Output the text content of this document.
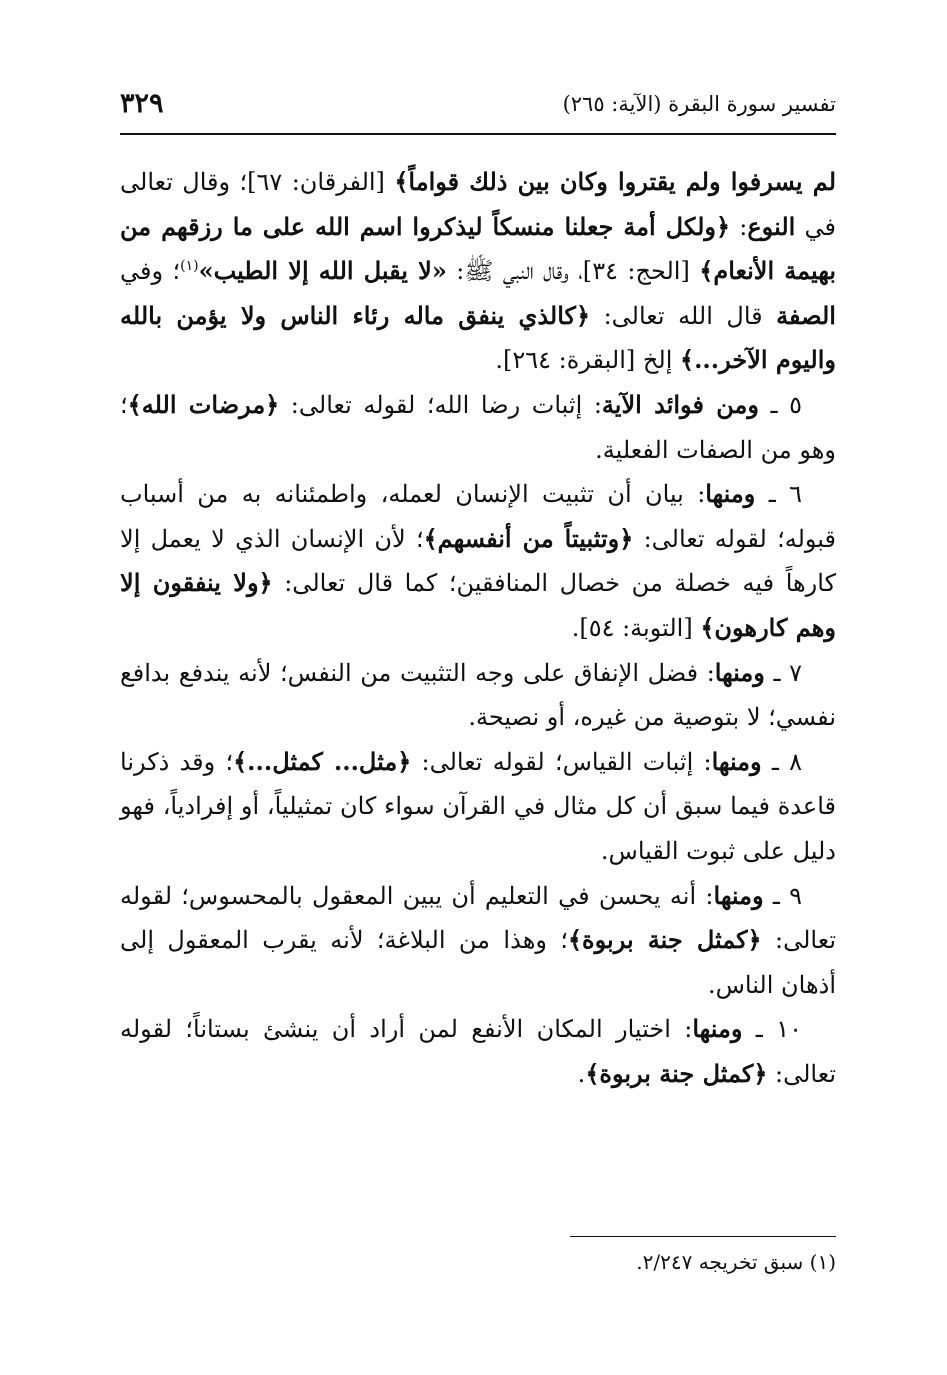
تفسير سورة البقرة (الآية: ٢٦٥)
٣٢٩

لم يسرفوا ولم يقتروا وكان بين ذلك قواماً﴾ [الفرقان: ٦٧]؛ وقال تعالى في النوع: ﴿ولكل أمة جعلنا منسكاً ليذكروا اسم الله على ما رزقهم من بهيمة الأنعام﴾ [الحج: ٣٤]، وقال النبي ﷺ: «لا يقبل الله إلا الطيب»$^{(١)}$؛ وفي الصفة قال الله تعالى: ﴿كالذي ينفق ماله رئاء الناس ولا يؤمن بالله واليوم الآخر...﴾ إلخ [البقرة: ٢٦٤].

٥ ـ ومن فوائد الآية: إثبات رضا الله؛ لقوله تعالى: ﴿مرضات الله﴾؛ وهو من الصفات الفعلية.

٦ ـ ومنها: بيان أن تثبيت الإنسان لعمله، واطمئنانه به من أسباب قبوله؛ لقوله تعالى: ﴿وتثبيتاً من أنفسهم﴾؛ لأن الإنسان الذي لا يعمل إلا كارهاً فيه خصلة من خصال المنافقين؛ كما قال تعالى: ﴿ولا ينفقون إلا وهم كارهون﴾ [التوبة: ٥٤].

٧ ـ ومنها: فضل الإنفاق على وجه التثبيت من النفس؛ لأنه يندفع بدافع نفسي؛ لا بتوصية من غيره، أو نصيحة.

٨ ـ ومنها: إثبات القياس؛ لقوله تعالى: ﴿مثل... كمثل...﴾؛ وقد ذكرنا قاعدة فيما سبق أن كل مثال في القرآن سواء كان تمثيلياً، أو إفرادياً، فهو دليل على ثبوت القياس.

٩ ـ ومنها: أنه يحسن في التعليم أن يبين المعقول بالمحسوس؛ لقوله تعالى: ﴿كمثل جنة بربوة﴾؛ وهذا من البلاغة؛ لأنه يقرب المعقول إلى أذهان الناس.

١٠ ـ ومنها: اختيار المكان الأنفع لمن أراد أن ينشئ بستاناً؛ لقوله تعالى: ﴿كمثل جنة بربوة﴾.

(١) سبق تخريجه ٢/٢٤٧.
